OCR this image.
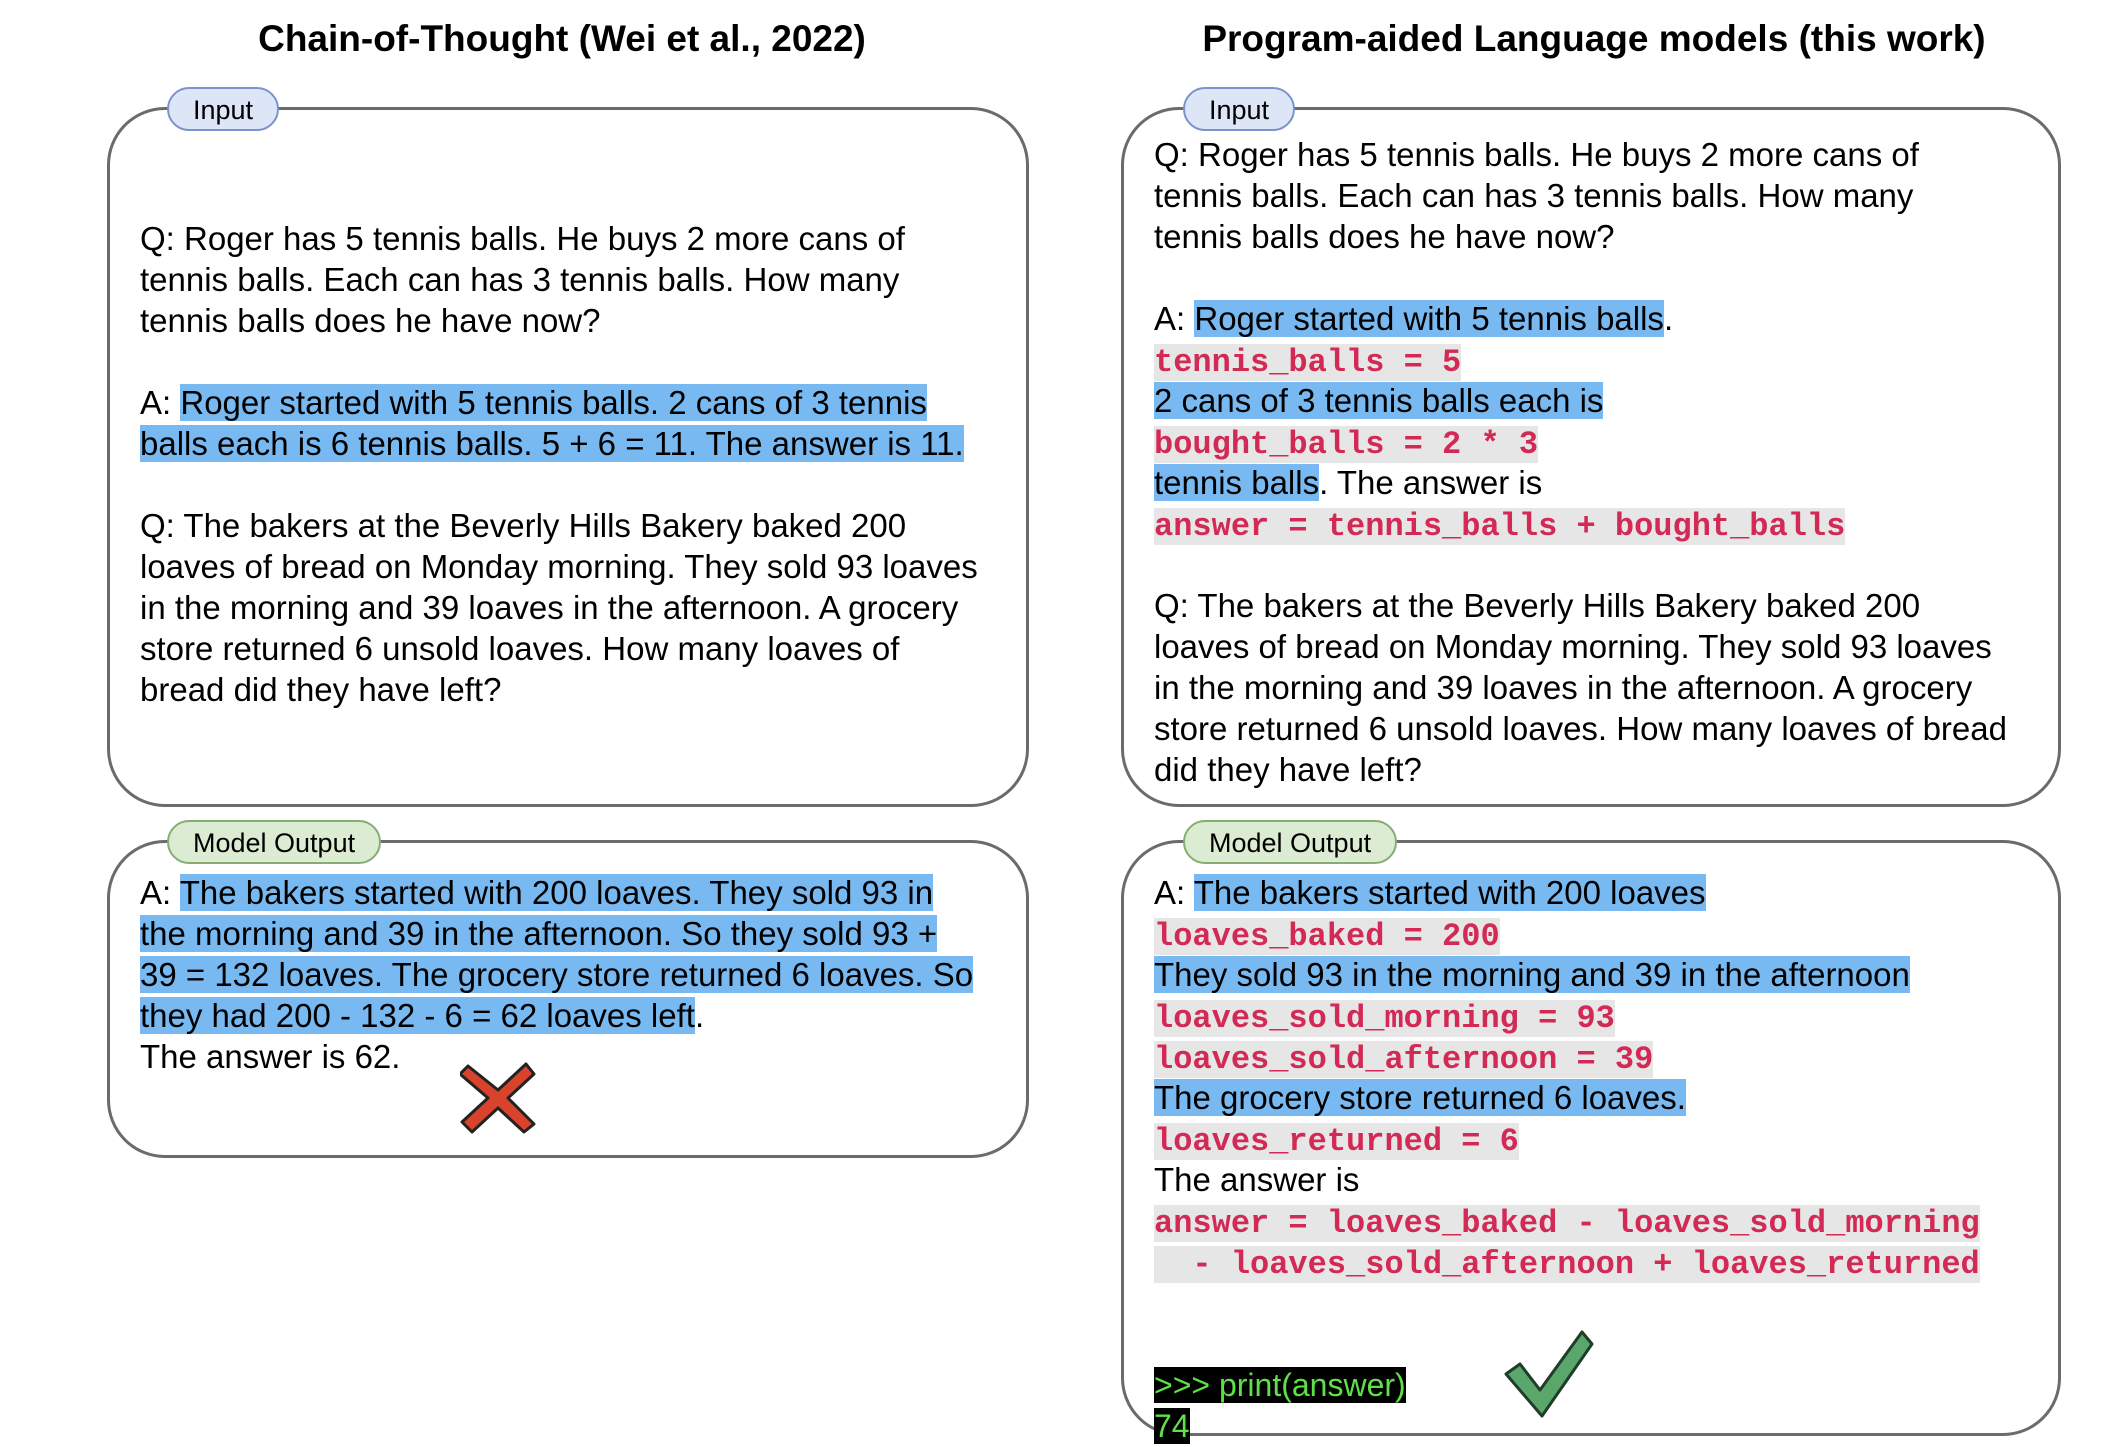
Chain-of-Thought (Wei et al., 2022)
Input
Q: Roger has 5 tennis balls. He buys 2 more cans of
tennis balls. Each can has 3 tennis balls. How many
tennis balls does he have now?
A: Roger started with 5 tennis balls. 2 cans of 3 tennis
balls each is 6 tennis balls. 5 + 6 = 11. The answer is 11.
Q: The bakers at the Beverly Hills Bakery baked 200
loaves of bread on Monday morning. They sold 93 loaves
in the morning and 39 loaves in the afternoon. A grocery
store returned 6 unsold loaves. How many loaves of
bread did they have left?
Model Output
A: The bakers started with 200 loaves. They sold 93 in
the morning and 39 in the afternoon. So they sold 93 +
39 = 132 loaves. The grocery store returned 6 loaves. So
they had 200 - 132 - 6 = 62 loaves left.
The answer is 62.
Program-aided Language models (this work)
Input
Q: Roger has 5 tennis balls. He buys 2 more cans of
tennis balls. Each can has 3 tennis balls. How many
tennis balls does he have now?
A: Roger started with 5 tennis balls.
tennis_balls = 5
2 cans of 3 tennis balls each is
bought_balls = 2 * 3
tennis balls. The answer is
answer = tennis_balls + bought_balls
Q: The bakers at the Beverly Hills Bakery baked 200
loaves of bread on Monday morning. They sold 93 loaves
in the morning and 39 loaves in the afternoon. A grocery
store returned 6 unsold loaves. How many loaves of bread
did they have left?
Model Output
A: The bakers started with 200 loaves
loaves_baked = 200
They sold 93 in the morning and 39 in the afternoon
loaves_sold_morning = 93
loaves_sold_afternoon = 39
The grocery store returned 6 loaves.
loaves_returned = 6
The answer is
answer = loaves_baked - loaves_sold_morning
- loaves_sold_afternoon + loaves_returned
>>> print(answer)
74
